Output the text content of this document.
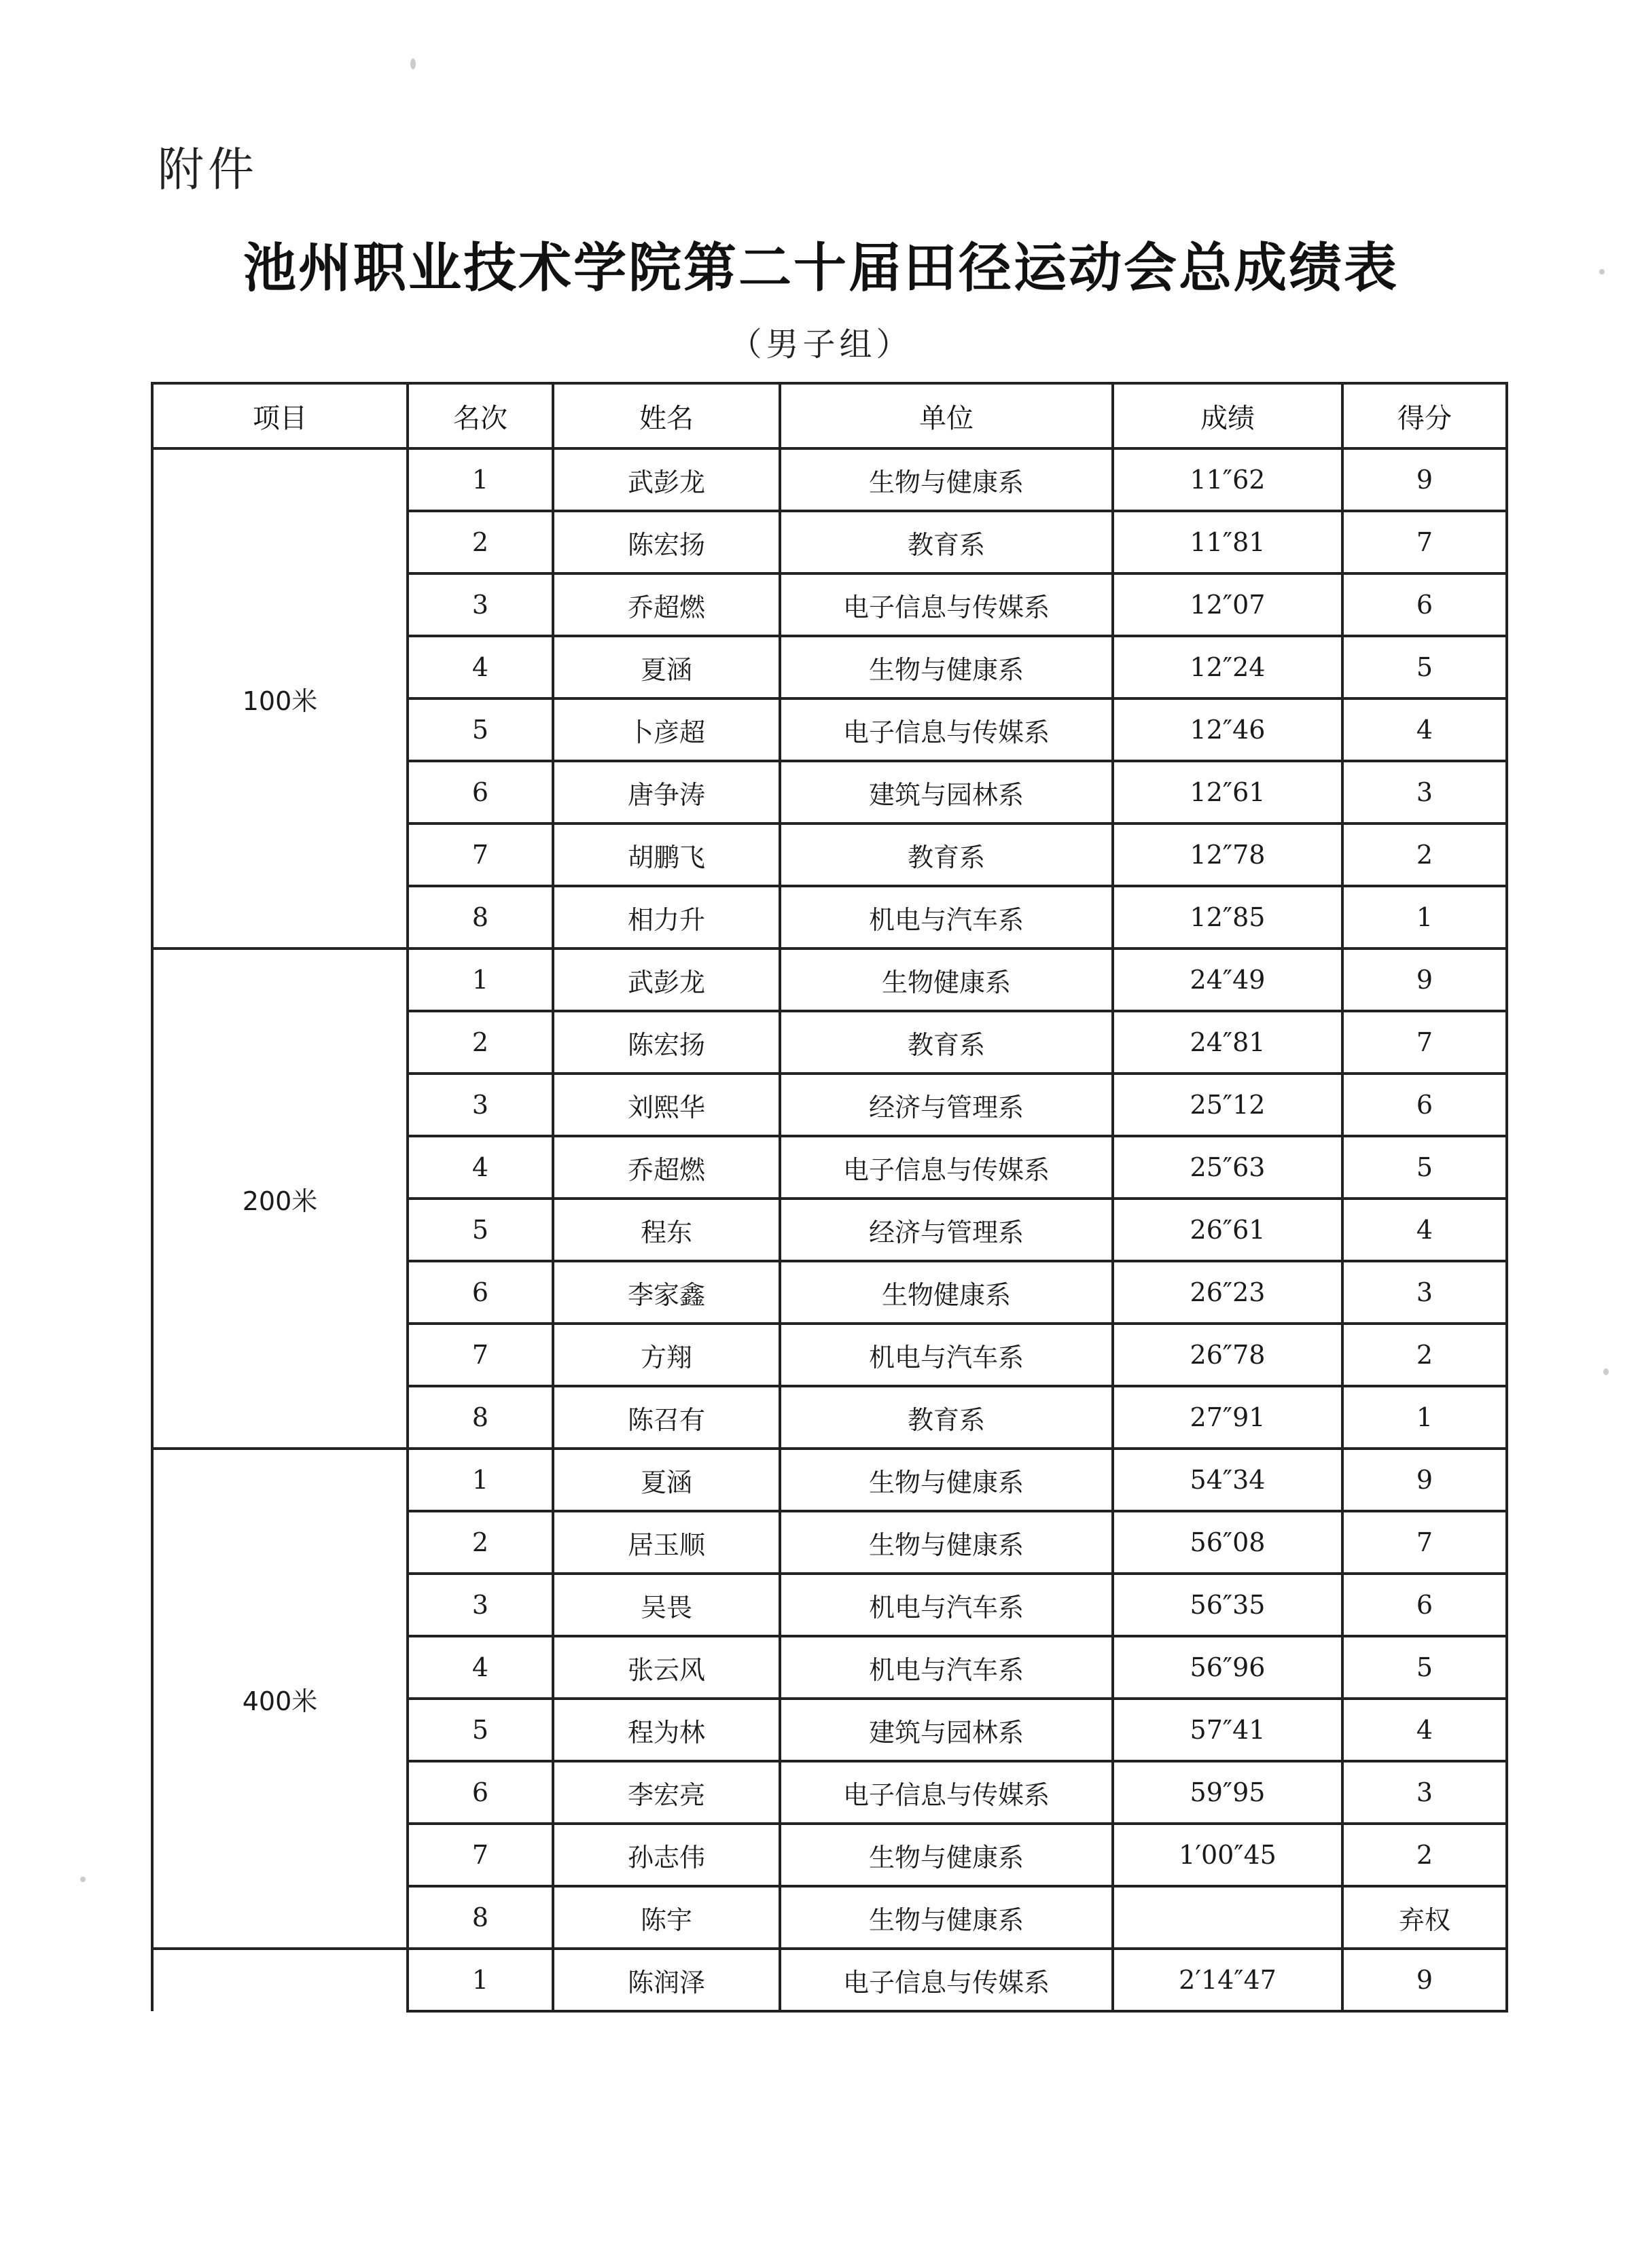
附件
池州职业技术学院第二十届田径运动会总成绩表
（男子组）
项目	名次	姓名	单位	成绩	得分
100米	1	武彭龙	生物与健康系	11″62	9
	2	陈宏扬	教育系	11″81	7
	3	乔超燃	电子信息与传媒系	12″07	6
	4	夏涵	生物与健康系	12″24	5
	5	卜彦超	电子信息与传媒系	12″46	4
	6	唐争涛	建筑与园林系	12″61	3
	7	胡鹏飞	教育系	12″78	2
	8	相力升	机电与汽车系	12″85	1
200米	1	武彭龙	生物健康系	24″49	9
	2	陈宏扬	教育系	24″81	7
	3	刘熙华	经济与管理系	25″12	6
	4	乔超燃	电子信息与传媒系	25″63	5
	5	程东	经济与管理系	26″61	4
	6	李家鑫	生物健康系	26″23	3
	7	方翔	机电与汽车系	26″78	2
	8	陈召有	教育系	27″91	1
400米	1	夏涵	生物与健康系	54″34	9
	2	居玉顺	生物与健康系	56″08	7
	3	吴畏	机电与汽车系	56″35	6
	4	张云风	机电与汽车系	56″96	5
	5	程为林	建筑与园林系	57″41	4
	6	李宏亮	电子信息与传媒系	59″95	3
	7	孙志伟	生物与健康系	1′00″45	2
	8	陈宇	生物与健康系		弃权
	1	陈润泽	电子信息与传媒系	2′14″47	9
